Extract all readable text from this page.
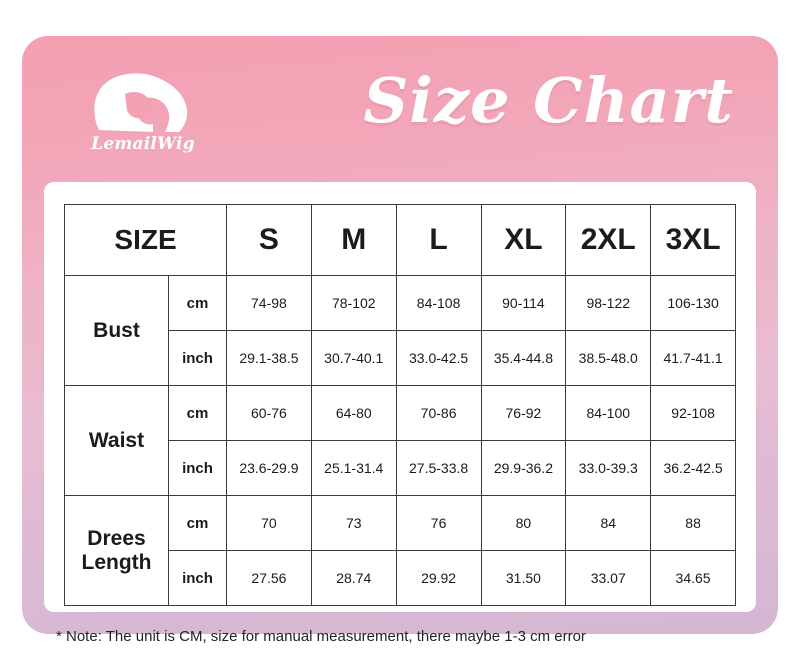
LemailWig
Size Chart
SIZE		S	M	L	XL	2XL	3XL
Bust	cm	74-98	78-102	84-108	90-114	98-122	106-130
	inch	29.1-38.5	30.7-40.1	33.0-42.5	35.4-44.8	38.5-48.0	41.7-41.1
Waist	cm	60-76	64-80	70-86	76-92	84-100	92-108
	inch	23.6-29.9	25.1-31.4	27.5-33.8	29.9-36.2	33.0-39.3	36.2-42.5
Drees Length	cm	70	73	76	80	84	88
	inch	27.56	28.74	29.92	31.50	33.07	34.65
* Note: The unit is CM, size for manual measurement, there maybe 1-3 cm error
